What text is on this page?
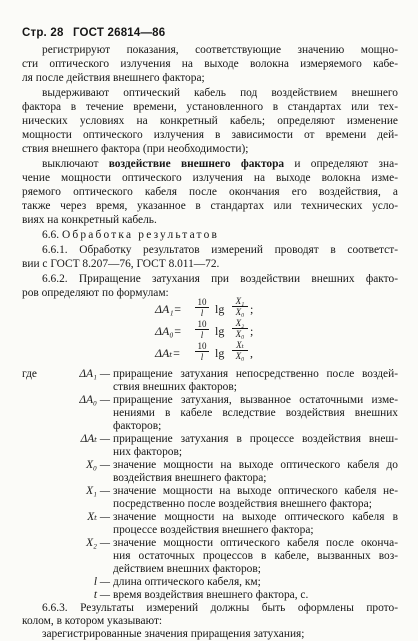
Стр. 28 ГОСТ 26814—86
регистрируют показания, соответствующие значению мощно-
сти оптического излучения на выходе волокна измеряемого кабе-
ля после действия внешнего фактора;
выдерживают оптический кабель под воздействием внешнего
фактора в течение времени, установленного в стандартах или тех-
нических условиях на конкретный кабель; определяют изменение
мощности оптического излучения в зависимости от времени дей-
ствия внешнего фактора (при необходимости);
выключают воздействие внешнего фактора и определяют зна-
чение мощности оптического излучения на выходе волокна изме-
ряемого оптического кабеля после окончания его воздействия, а
также через время, указанное в стандартах или технических усло-
виях на конкретный кабель.
6.6. Обработка результатов
6.6.1. Обработку результатов измерений проводят в соответст-
вии с ГОСТ 8.207—76, ГОСТ 8.011—72.
6.6.2. Приращение затухания при воздействии внешних факто-
ров определяют по формулам:
$\Delta A_1= \frac{10}{l}$ $\lg \frac{\text{X₁}}{\text{X₀}}$ ;
$\Delta A_0= \frac{10}{l}$ $\lg \frac{\text{X₂}}{\text{X₀}}$ ;
$\Delta A_t= \frac{10}{l}$ $\lg \frac{\text{Xₜ}}{\text{X₀}}$ ,
где	ΔA₁ — приращение затухания непосредственно после воздей-
ствия внешних факторов;
ΔA₀ — приращение затухания, вызванное остаточными изме-
нениями в кабеле вследствие воздействия внешних
факторов;
ΔAₜ — приращение затухания в процессе воздействия внеш-
них факторов;
X₀ — значение мощности на выходе оптического кабеля до
воздействия внешнего фактора;
X₁ — значение мощности на выходе оптического кабеля не-
посредственно после воздействия внешнего фактора;
Xₜ — значение мощности на выходе оптического кабеля в
процессе воздействия внешнего фактора;
X₂ — значение мощности оптического кабеля после оконча-
ния остаточных процессов в кабеле, вызванных воз-
действием внешних факторов;
l — длина оптического кабеля, км;
t — время воздействия внешнего фактора, с.
6.6.3. Результаты измерений должны быть оформлены прото-
колом, в котором указывают:
зарегистрированные значения приращения затухания;
